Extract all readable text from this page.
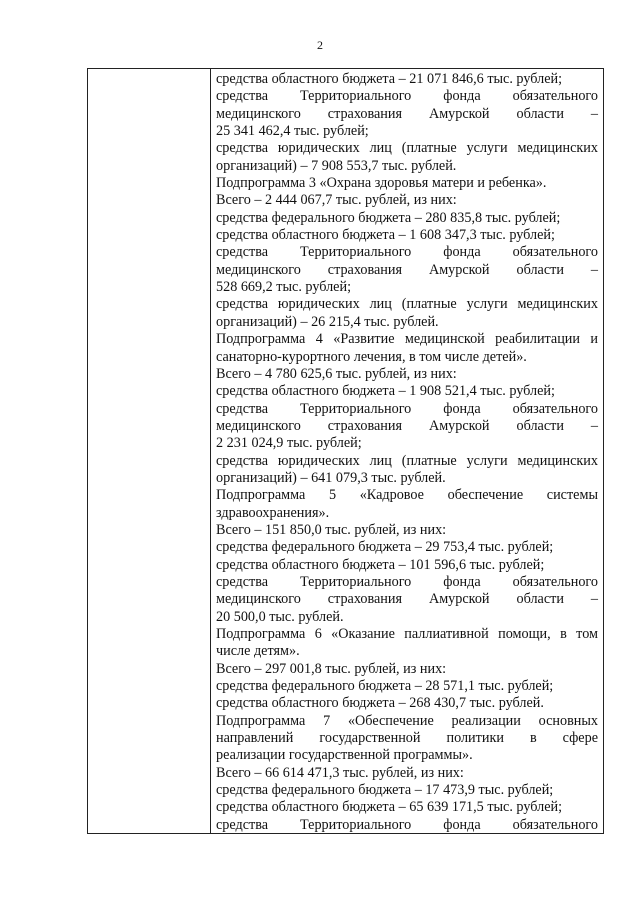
2
средства областного бюджета – 21 071 846,6 тыс. рублей;
средства Территориального фонда обязательного
медицинского страхования Амурской области –
25 341 462,4 тыс. рублей;
средства юридических лиц (платные услуги медицинских
организаций) – 7 908 553,7 тыс. рублей.
Подпрограмма 3 «Охрана здоровья матери и ребенка».
Всего – 2 444 067,7 тыс. рублей, из них:
средства федерального бюджета – 280 835,8 тыс. рублей;
средства областного бюджета – 1 608 347,3 тыс. рублей;
средства Территориального фонда обязательного
медицинского страхования Амурской области –
528 669,2 тыс. рублей;
средства юридических лиц (платные услуги медицинских
организаций) – 26 215,4 тыс. рублей.
Подпрограмма 4 «Развитие медицинской реабилитации и
санаторно-курортного лечения, в том числе детей».
Всего – 4 780 625,6 тыс. рублей, из них:
средства областного бюджета – 1 908 521,4 тыс. рублей;
средства Территориального фонда обязательного
медицинского страхования Амурской области –
2 231 024,9 тыс. рублей;
средства юридических лиц (платные услуги медицинских
организаций) – 641 079,3 тыс. рублей.
Подпрограмма 5 «Кадровое обеспечение системы
здравоохранения».
Всего – 151 850,0 тыс. рублей, из них:
средства федерального бюджета – 29 753,4 тыс. рублей;
средства областного бюджета – 101 596,6 тыс. рублей;
средства Территориального фонда обязательного
медицинского страхования Амурской области –
20 500,0 тыс. рублей.
Подпрограмма 6 «Оказание паллиативной помощи, в том
числе детям».
Всего – 297 001,8 тыс. рублей, из них:
средства федерального бюджета – 28 571,1 тыс. рублей;
средства областного бюджета – 268 430,7 тыс. рублей.
Подпрограмма 7 «Обеспечение реализации основных
направлений государственной политики в сфере
реализации государственной программы».
Всего – 66 614 471,3 тыс. рублей, из них:
средства федерального бюджета – 17 473,9 тыс. рублей;
средства областного бюджета – 65 639 171,5 тыс. рублей;
средства Территориального фонда обязательного
